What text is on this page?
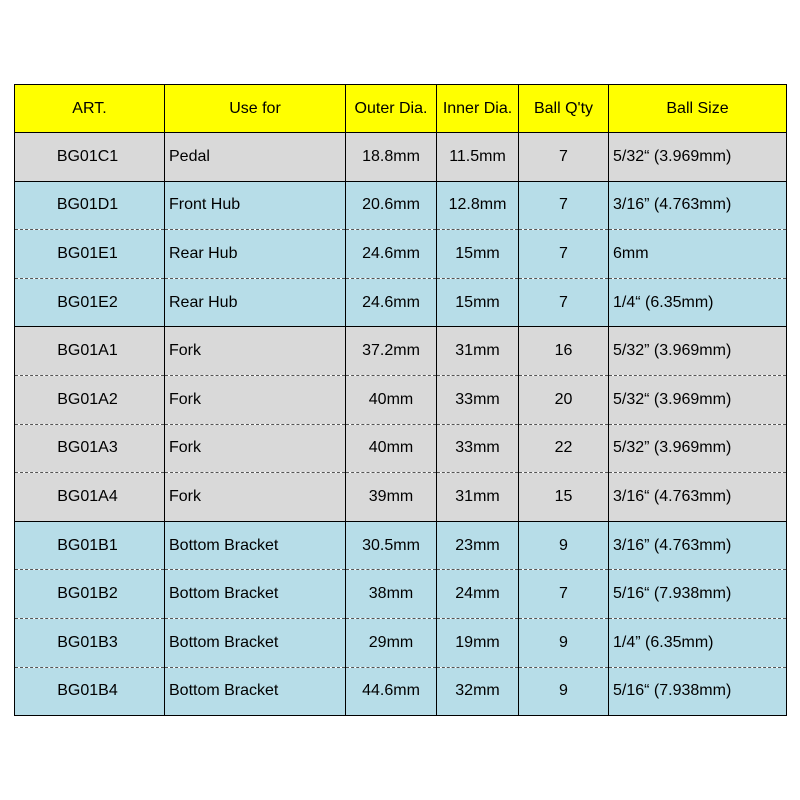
ART.	Use for	Outer Dia.	Inner Dia.	Ball Q'ty	Ball Size
BG01C1	Pedal	18.8mm	11.5mm	7	5/32“ (3.969mm)
BG01D1	Front Hub	20.6mm	12.8mm	7	3/16” (4.763mm)
BG01E1	Rear Hub	24.6mm	15mm	7	6mm
BG01E2	Rear Hub	24.6mm	15mm	7	1/4“ (6.35mm)
BG01A1	Fork	37.2mm	31mm	16	5/32” (3.969mm)
BG01A2	Fork	40mm	33mm	20	5/32“ (3.969mm)
BG01A3	Fork	40mm	33mm	22	5/32” (3.969mm)
BG01A4	Fork	39mm	31mm	15	3/16“ (4.763mm)
BG01B1	Bottom Bracket	30.5mm	23mm	9	3/16” (4.763mm)
BG01B2	Bottom Bracket	38mm	24mm	7	5/16“ (7.938mm)
BG01B3	Bottom Bracket	29mm	19mm	9	1/4” (6.35mm)
BG01B4	Bottom Bracket	44.6mm	32mm	9	5/16“ (7.938mm)
